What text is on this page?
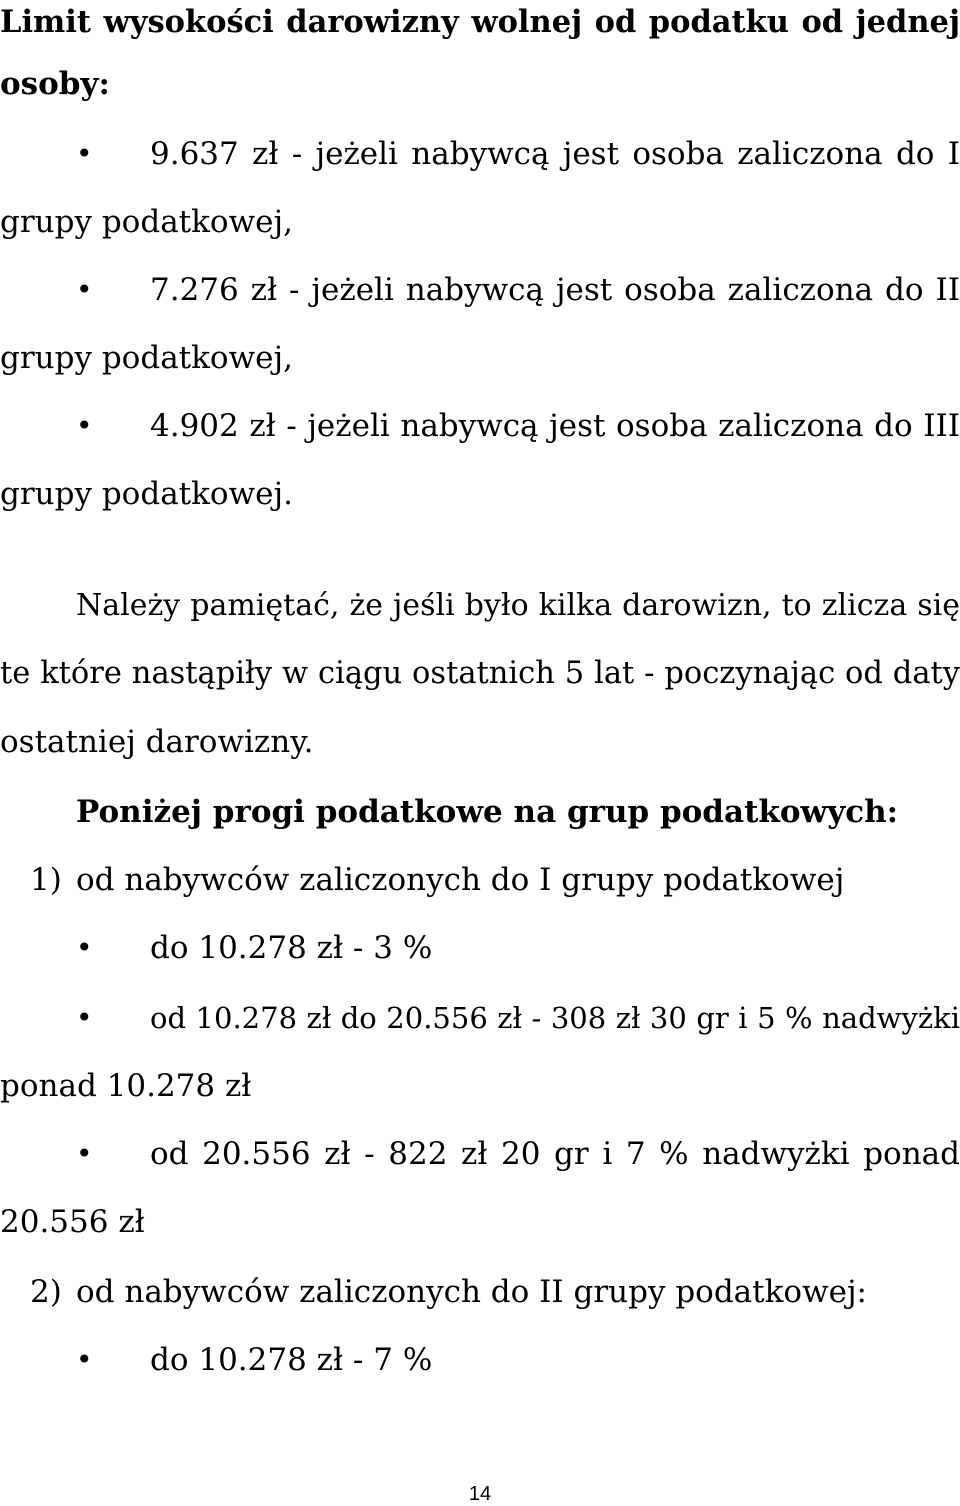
Limit wysokości darowizny wolnej od podatku od jednej

osoby:

• 9.637 zł - jeżeli nabywcą jest osoba zaliczona do I

grupy podatkowej,

• 7.276 zł - jeżeli nabywcą jest osoba zaliczona do II

grupy podatkowej,

• 4.902 zł - jeżeli nabywcą jest osoba zaliczona do III

grupy podatkowej.

Należy pamiętać, że jeśli było kilka darowizn, to zlicza się

te które nastąpiły w ciągu ostatnich 5 lat - poczynając od daty

ostatniej darowizny.

Poniżej progi podatkowe na grup podatkowych:

1) od nabywców zaliczonych do I grupy podatkowej

• do 10.278 zł - 3 %

• od 10.278 zł do 20.556 zł - 308 zł 30 gr i 5 % nadwyżki

ponad 10.278 zł

• od 20.556 zł - 822 zł 20 gr i 7 % nadwyżki ponad

20.556 zł

2) od nabywców zaliczonych do II grupy podatkowej:

• do 10.278 zł - 7 %

14
